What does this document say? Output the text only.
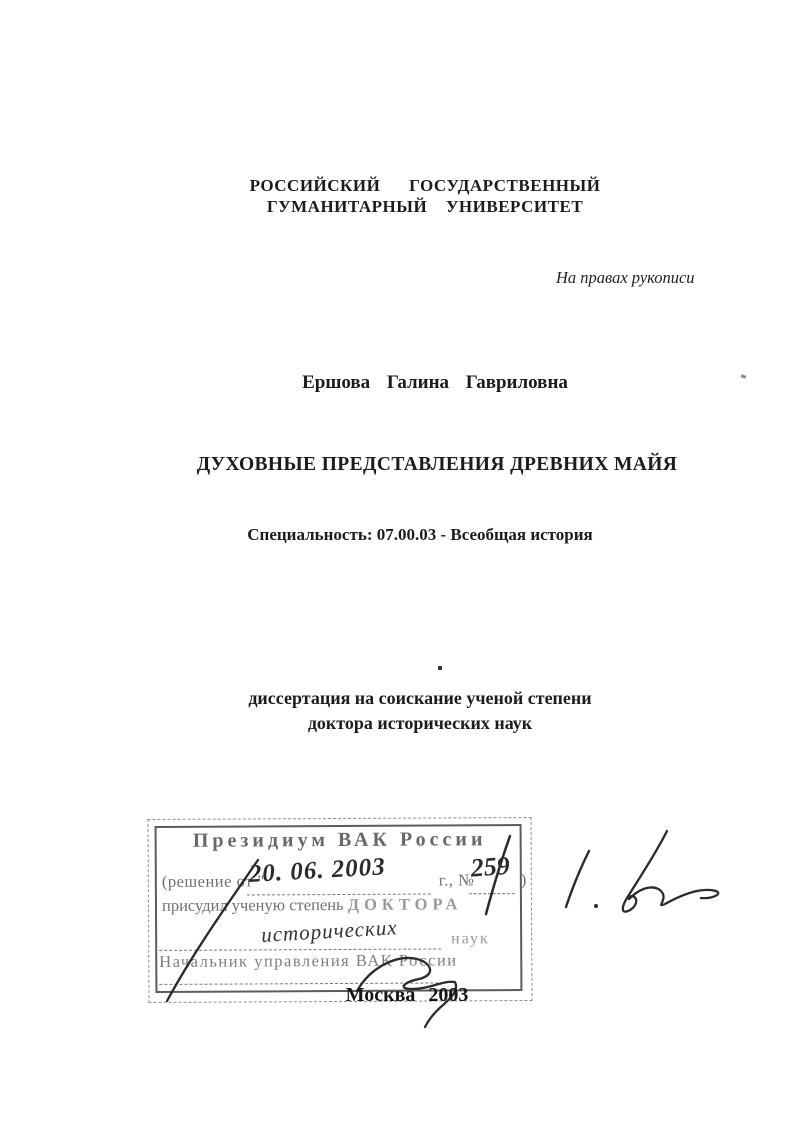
РОССИЙСКИЙ ГОСУДАРСТВЕННЫЙ
ГУМАНИТАРНЫЙ УНИВЕРСИТЕТ
На правах рукописи
Ершова Галина Гавриловна
ДУХОВНЫЕ ПРЕДСТАВЛЕНИЯ ДРЕВНИХ МАЙЯ
Специальность: 07.00.03 - Всеобщая история
диссертация на соискание ученой степени
доктора исторических наук
Президиум ВАК России
(решение от "
20. 06. 2003	г., №
259 )
присудил ученую степень ДОКТОРА
исторических	наук
Начальник управления ВАК России
Москва 2003
